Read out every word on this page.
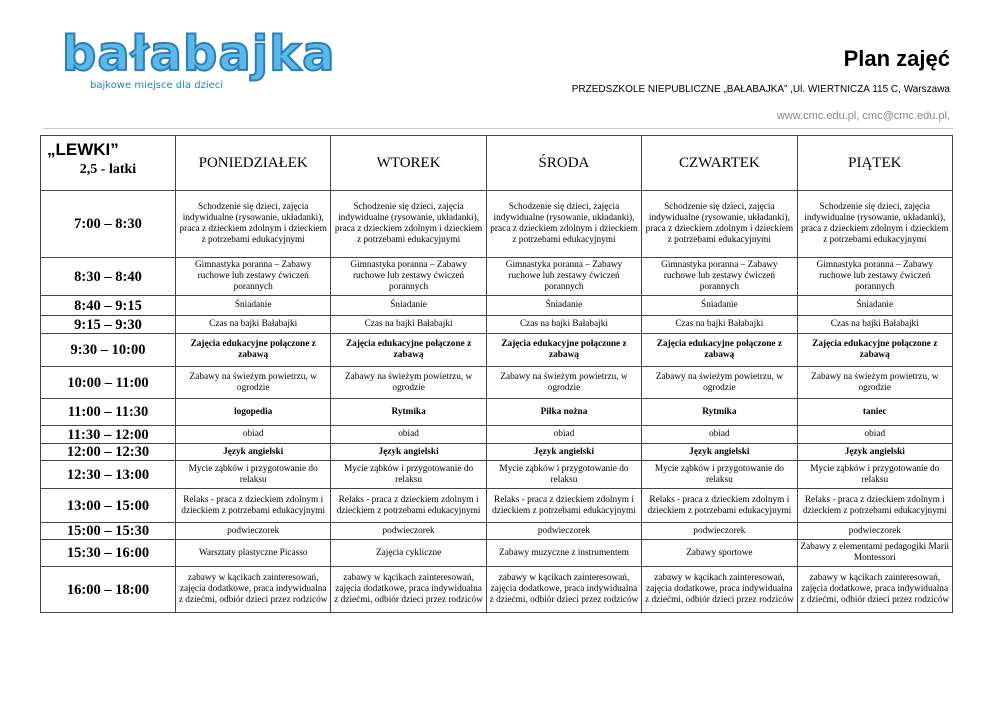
bałabajka
bajkowe miejsce dla dzieci
Plan zajęć
PRZEDSZKOLE NIEPUBLICZNE „BAŁABAJKA” ,Ul. WIERTNICZA 115 C, Warszawa
www.cmc.edu.pl, cmc@cmc.edu.pl,
„LEWKI”
2,5 - latki	PONIEDZIAŁEK	WTOREK	ŚRODA	CZWARTEK	PIĄTEK
7:00 – 8:30	Schodzenie się dzieci, zajęcia indywidualne (rysowanie, układanki), praca z dzieckiem zdolnym i dzieckiem z potrzebami edukacyjnymi	Schodzenie się dzieci, zajęcia indywidualne (rysowanie, układanki), praca z dzieckiem zdolnym i dzieckiem z potrzebami edukacyjnymi	Schodzenie się dzieci, zajęcia indywidualne (rysowanie, układanki), praca z dzieckiem zdolnym i dzieckiem z potrzebami edukacyjnymi	Schodzenie się dzieci, zajęcia indywidualne (rysowanie, układanki), praca z dzieckiem zdolnym i dzieckiem z potrzebami edukacyjnymi	Schodzenie się dzieci, zajęcia indywidualne (rysowanie, układanki), praca z dzieckiem zdolnym i dzieckiem z potrzebami edukacyjnymi
8:30 – 8:40	Gimnastyka poranna – Zabawy ruchowe lub zestawy ćwiczeń porannych	Gimnastyka poranna – Zabawy ruchowe lub zestawy ćwiczeń porannych	Gimnastyka poranna – Zabawy ruchowe lub zestawy ćwiczeń porannych	Gimnastyka poranna – Zabawy ruchowe lub zestawy ćwiczeń porannych	Gimnastyka poranna – Zabawy ruchowe lub zestawy ćwiczeń porannych
8:40 – 9:15	Śniadanie	Śniadanie	Śniadanie	Śniadanie	Śniadanie
9:15 – 9:30	Czas na bajki Bałabajki	Czas na bajki Bałabajki	Czas na bajki Bałabajki	Czas na bajki Bałabajki	Czas na bajki Bałabajki
9:30 – 10:00	Zajęcia edukacyjne połączone z zabawą	Zajęcia edukacyjne połączone z zabawą	Zajęcia edukacyjne połączone z zabawą	Zajęcia edukacyjne połączone z zabawą	Zajęcia edukacyjne połączone z zabawą
10:00 – 11:00	Zabawy na świeżym powietrzu, w ogrodzie	Zabawy na świeżym powietrzu, w ogrodzie	Zabawy na świeżym powietrzu, w ogrodzie	Zabawy na świeżym powietrzu, w ogrodzie	Zabawy na świeżym powietrzu, w ogrodzie
11:00 – 11:30	logopedia	Rytmika	Piłka nożna	Rytmika	taniec
11:30 – 12:00	obiad	obiad	obiad	obiad	obiad
12:00 – 12:30	Język angielski	Język angielski	Język angielski	Język angielski	Język angielski
12:30 – 13:00	Mycie ząbków i przygotowanie do relaksu	Mycie ząbków i przygotowanie do relaksu	Mycie ząbków i przygotowanie do relaksu	Mycie ząbków i przygotowanie do relaksu	Mycie ząbków i przygotowanie do relaksu
13:00 – 15:00	Relaks - praca z dzieckiem zdolnym i dzieckiem z potrzebami edukacyjnymi	Relaks - praca z dzieckiem zdolnym i dzieckiem z potrzebami edukacyjnymi	Relaks - praca z dzieckiem zdolnym i dzieckiem z potrzebami edukacyjnymi	Relaks - praca z dzieckiem zdolnym i dzieckiem z potrzebami edukacyjnymi	Relaks - praca z dzieckiem zdolnym i dzieckiem z potrzebami edukacyjnymi
15:00 – 15:30	podwieczorek	podwieczorek	podwieczorek	podwieczorek	podwieczorek
15:30 – 16:00	Warsztaty plastyczne Picasso	Zajęcia cykliczne	Zabawy muzyczne z instrumentem	Zabawy sportowe	Zabawy z elementami pedagogiki Marii Montessori
16:00 – 18:00	zabawy w kącikach zainteresowań, zajęcia dodatkowe, praca indywidualna z dziećmi, odbiór dzieci przez rodziców	zabawy w kącikach zainteresowań, zajęcia dodatkowe, praca indywidualna z dziećmi, odbiór dzieci przez rodziców	zabawy w kącikach zainteresowań, zajęcia dodatkowe, praca indywidualna z dziećmi, odbiór dzieci przez rodziców	zabawy w kącikach zainteresowań, zajęcia dodatkowe, praca indywidualna z dziećmi, odbiór dzieci przez rodziców	zabawy w kącikach zainteresowań, zajęcia dodatkowe, praca indywidualna z dziećmi, odbiór dzieci przez rodziców
